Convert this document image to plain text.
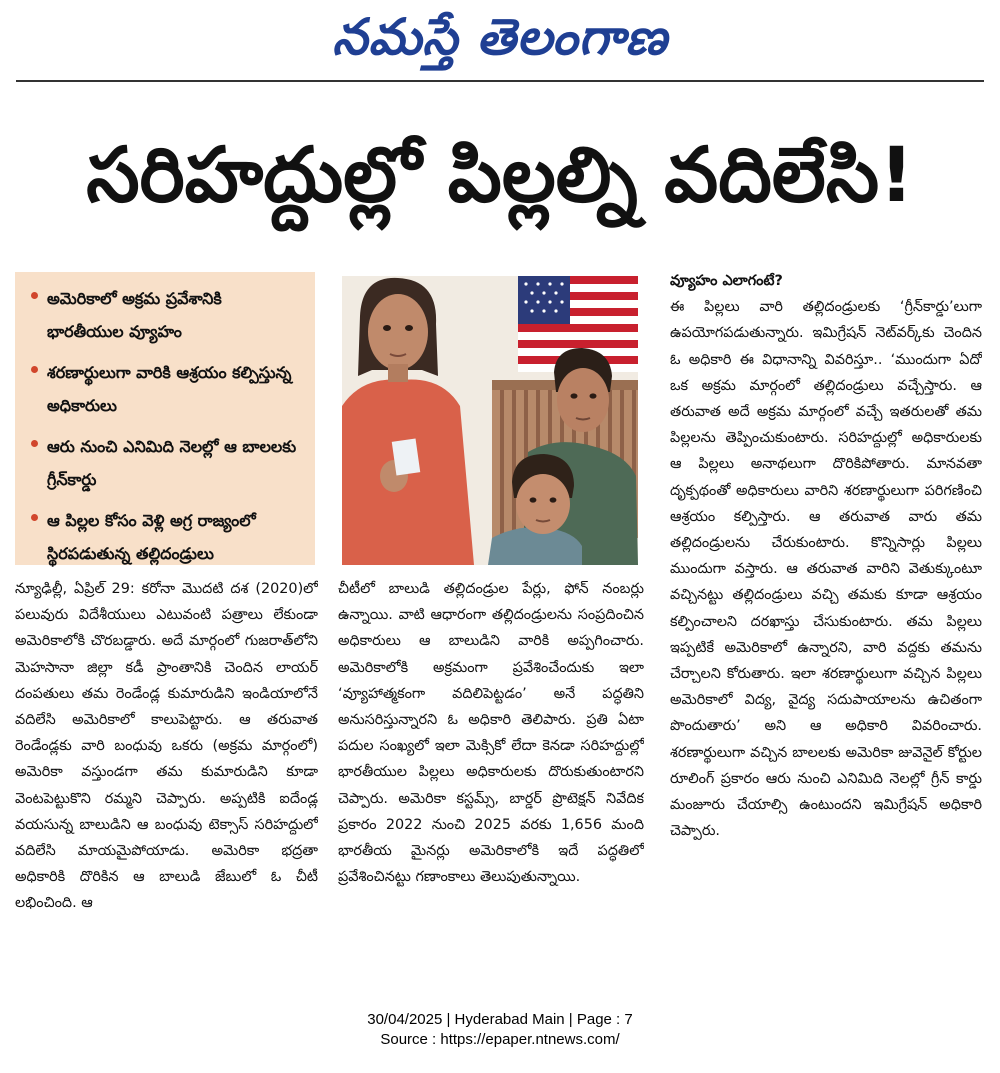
నమస్తే తెలంగాణ
సరిహద్దుల్లో పిల్లల్ని వదిలేసి!
అమెరికాలో అక్రమ ప్రవేశానికి భారతీయుల వ్యూహం
శరణార్థులుగా వారికి ఆశ్రయం కల్పిస్తున్న అధికారులు
ఆరు నుంచి ఎనిమిది నెలల్లో ఆ బాలలకు గ్రీన్‌కార్డు
ఆ పిల్లల కోసం వెళ్లి అగ్ర రాజ్యంలో స్థిరపడుతున్న తల్లిదండ్రులు
న్యూఢిల్లీ, ఏప్రిల్ 29: కరోనా మొదటి దశ (2020)లో పలువురు విదేశీయులు ఎటువంటి పత్రాలు లేకుండా అమెరికాలోకి చొరబడ్డారు. అదే మార్గంలో గుజరాత్‌లోని మెహసానా జిల్లా కడీ ప్రాంతానికి చెందిన లాయర్ దంపతులు తమ రెండేండ్ల కుమారుడిని ఇండియాలోనే వదిలేసి అమెరికాలో కాలుపెట్టారు. ఆ తరువాత రెండేండ్లకు వారి బంధువు ఒకరు (అక్రమ మార్గంలో) అమెరికా వస్తుండగా తమ కుమారుడిని కూడా వెంటపెట్టుకొని రమ్మని చెప్పారు. అప్పటికి ఐదేండ్ల వయసున్న బాలుడిని ఆ బంధువు టెక్సాస్ సరిహద్దులో వదిలేసి మాయమైపోయాడు. అమెరికా భద్రతా అధికారికి దొరికిన ఆ బాలుడి జేబులో ఓ చీటీ లభించింది. ఆ
చీటీలో బాలుడి తల్లిదండ్రుల పేర్లు, ఫోన్ నంబర్లు ఉన్నాయి. వాటి ఆధారంగా తల్లిదండ్రులను సంప్రదించిన అధికారులు ఆ బాలుడిని వారికి అప్పగించారు. అమెరికాలోకి అక్రమంగా ప్రవేశించేందుకు ఇలా ‘వ్యూహాత్మకంగా వదిలిపెట్టడం’ అనే పద్ధతిని అనుసరిస్తున్నారని ఓ అధికారి తెలిపారు. ప్రతి ఏటా పదుల సంఖ్యలో ఇలా మెక్సికో లేదా కెనడా సరిహద్దుల్లో భారతీయుల పిల్లలు అధికారులకు దొరుకుతుంటారని చెప్పారు. అమెరికా కస్టమ్స్, బార్డర్ ప్రొటెక్షన్ నివేదిక ప్రకారం 2022 నుంచి 2025 వరకు 1,656 మంది భారతీయ మైనర్లు అమెరికాలోకి ఇదే పద్ధతిలో ప్రవేశించినట్టు గణాంకాలు తెలుపుతున్నాయి.
వ్యూహం ఎలాగంటే?
ఈ పిల్లలు వారి తల్లిదండ్రులకు ‘గ్రీన్‌కార్డు’లుగా ఉపయోగపడుతున్నారు. ఇమిగ్రేషన్ నెట్‌వర్క్‌కు చెందిన ఓ అధికారి ఈ విధానాన్ని వివరిస్తూ.. ‘ముందుగా ఏదో ఒక అక్రమ మార్గంలో తల్లిదండ్రులు వచ్చేస్తారు. ఆ తరువాత అదే అక్రమ మార్గంలో వచ్చే ఇతరులతో తమ పిల్లలను తెప్పించుకుంటారు. సరిహద్దుల్లో అధికారులకు ఆ పిల్లలు అనాథలుగా దొరికిపోతారు. మానవతా దృక్పథంతో అధికారులు వారిని శరణార్థులుగా పరిగణించి ఆశ్రయం కల్పిస్తారు. ఆ తరువాత వారు తమ తల్లిదండ్రులను చేరుకుంటారు. కొన్నిసార్లు పిల్లలు ముందుగా వస్తారు. ఆ తరువాత వారిని వెతుక్కుంటూ వచ్చినట్టు తల్లిదండ్రులు వచ్చి తమకు కూడా ఆశ్రయం కల్పించాలని దరఖాస్తు చేసుకుంటారు. తమ పిల్లలు ఇప్పటికే అమెరికాలో ఉన్నారని, వారి వద్దకు తమను చేర్చాలని కోరుతారు. ఇలా శరణార్థులుగా వచ్చిన పిల్లలు అమెరికాలో విద్య, వైద్య సదుపాయాలను ఉచితంగా పొందుతారు’ అని ఆ అధికారి వివరించారు. శరణార్థులుగా వచ్చిన బాలలకు అమెరికా జువెనైల్ కోర్టుల రూలింగ్ ప్రకారం ఆరు నుంచి ఎనిమిది నెలల్లో గ్రీన్ కార్డు మంజూరు చేయాల్సి ఉంటుందని ఇమిగ్రేషన్ అధికారి చెప్పారు.
30/04/2025 | Hyderabad Main | Page : 7
Source : https://epaper.ntnews.com/
